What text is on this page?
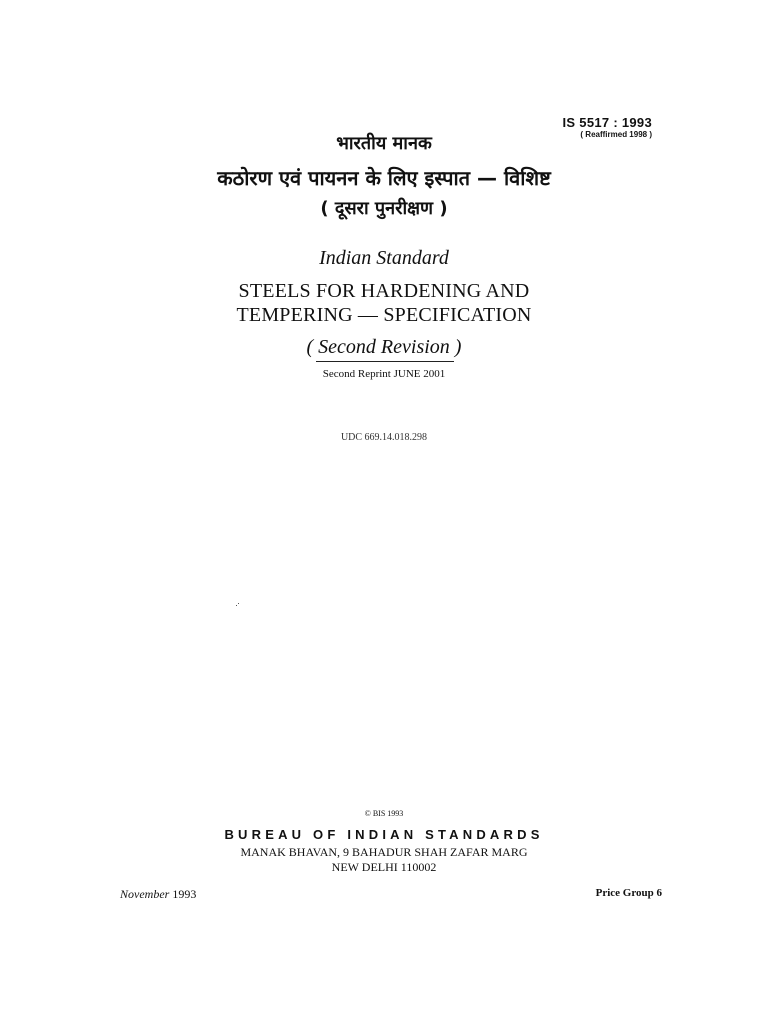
IS 5517 : 1993
( Reaffirmed 1998 )
भारतीय मानक
कठोरण एवं पायनन के लिए इस्पात — विशिष्ट
( दूसरा पुनरीक्षण )
Indian Standard
STEELS FOR HARDENING AND
TEMPERING — SPECIFICATION
( Second Revision )
Second Reprint JUNE 2001
UDC 669.14.018.298
© BIS 1993
BUREAU OF INDIAN STANDARDS
MANAK BHAVAN, 9 BAHADUR SHAH ZAFAR MARG
NEW DELHI 110002
November 1993	Price Group 6
